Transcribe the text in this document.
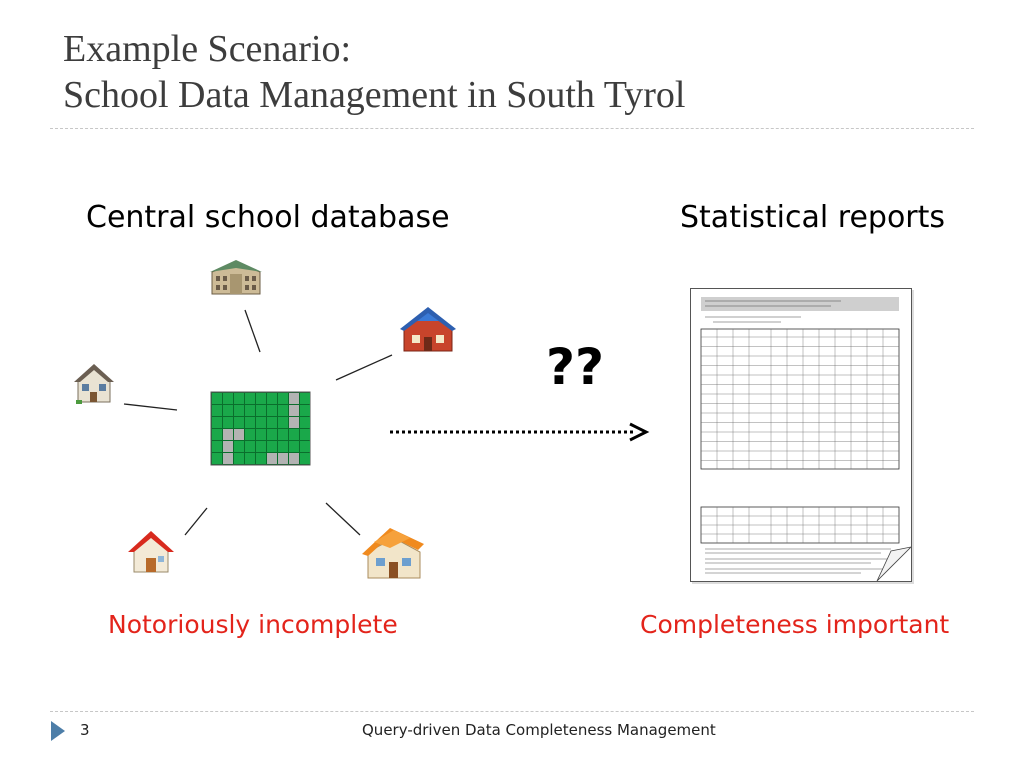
Example Scenario:
School Data Management in South Tyrol
Central school database	Statistical reports
??
Notoriously incomplete	Completeness important
3	Query-driven Data Completeness Management
